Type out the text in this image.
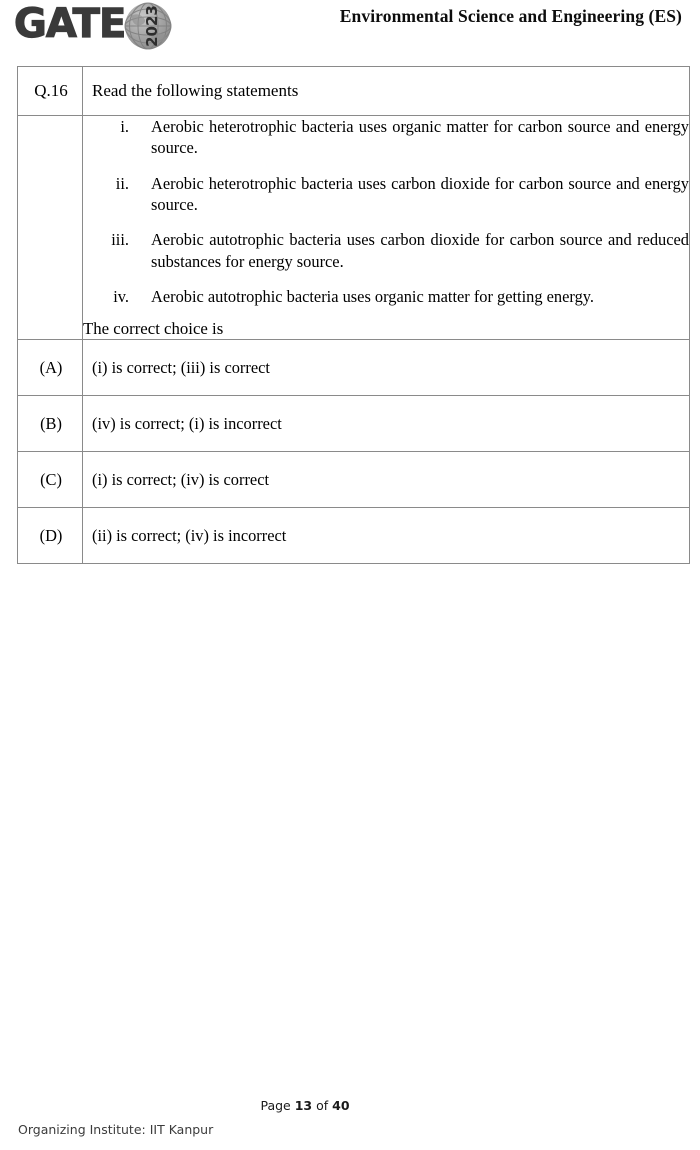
GATE	2023	Environmental Science and Engineering (ES)
Q.16	Read the following statements

i. Aerobic heterotrophic bacteria uses organic matter for carbon source and energy source.
ii. Aerobic heterotrophic bacteria uses carbon dioxide for carbon source and energy source.
iii. Aerobic autotrophic bacteria uses carbon dioxide for carbon source and reduced substances for energy source.
iv. Aerobic autotrophic bacteria uses organic matter for getting energy.
The correct choice is

(A)	(i) is correct; (iii) is correct

(B)	(iv) is correct; (i) is incorrect

(C)	(i) is correct; (iv) is correct

(D)	(ii) is correct; (iv) is incorrect
Page 13 of 40
Organizing Institute: IIT Kanpur
